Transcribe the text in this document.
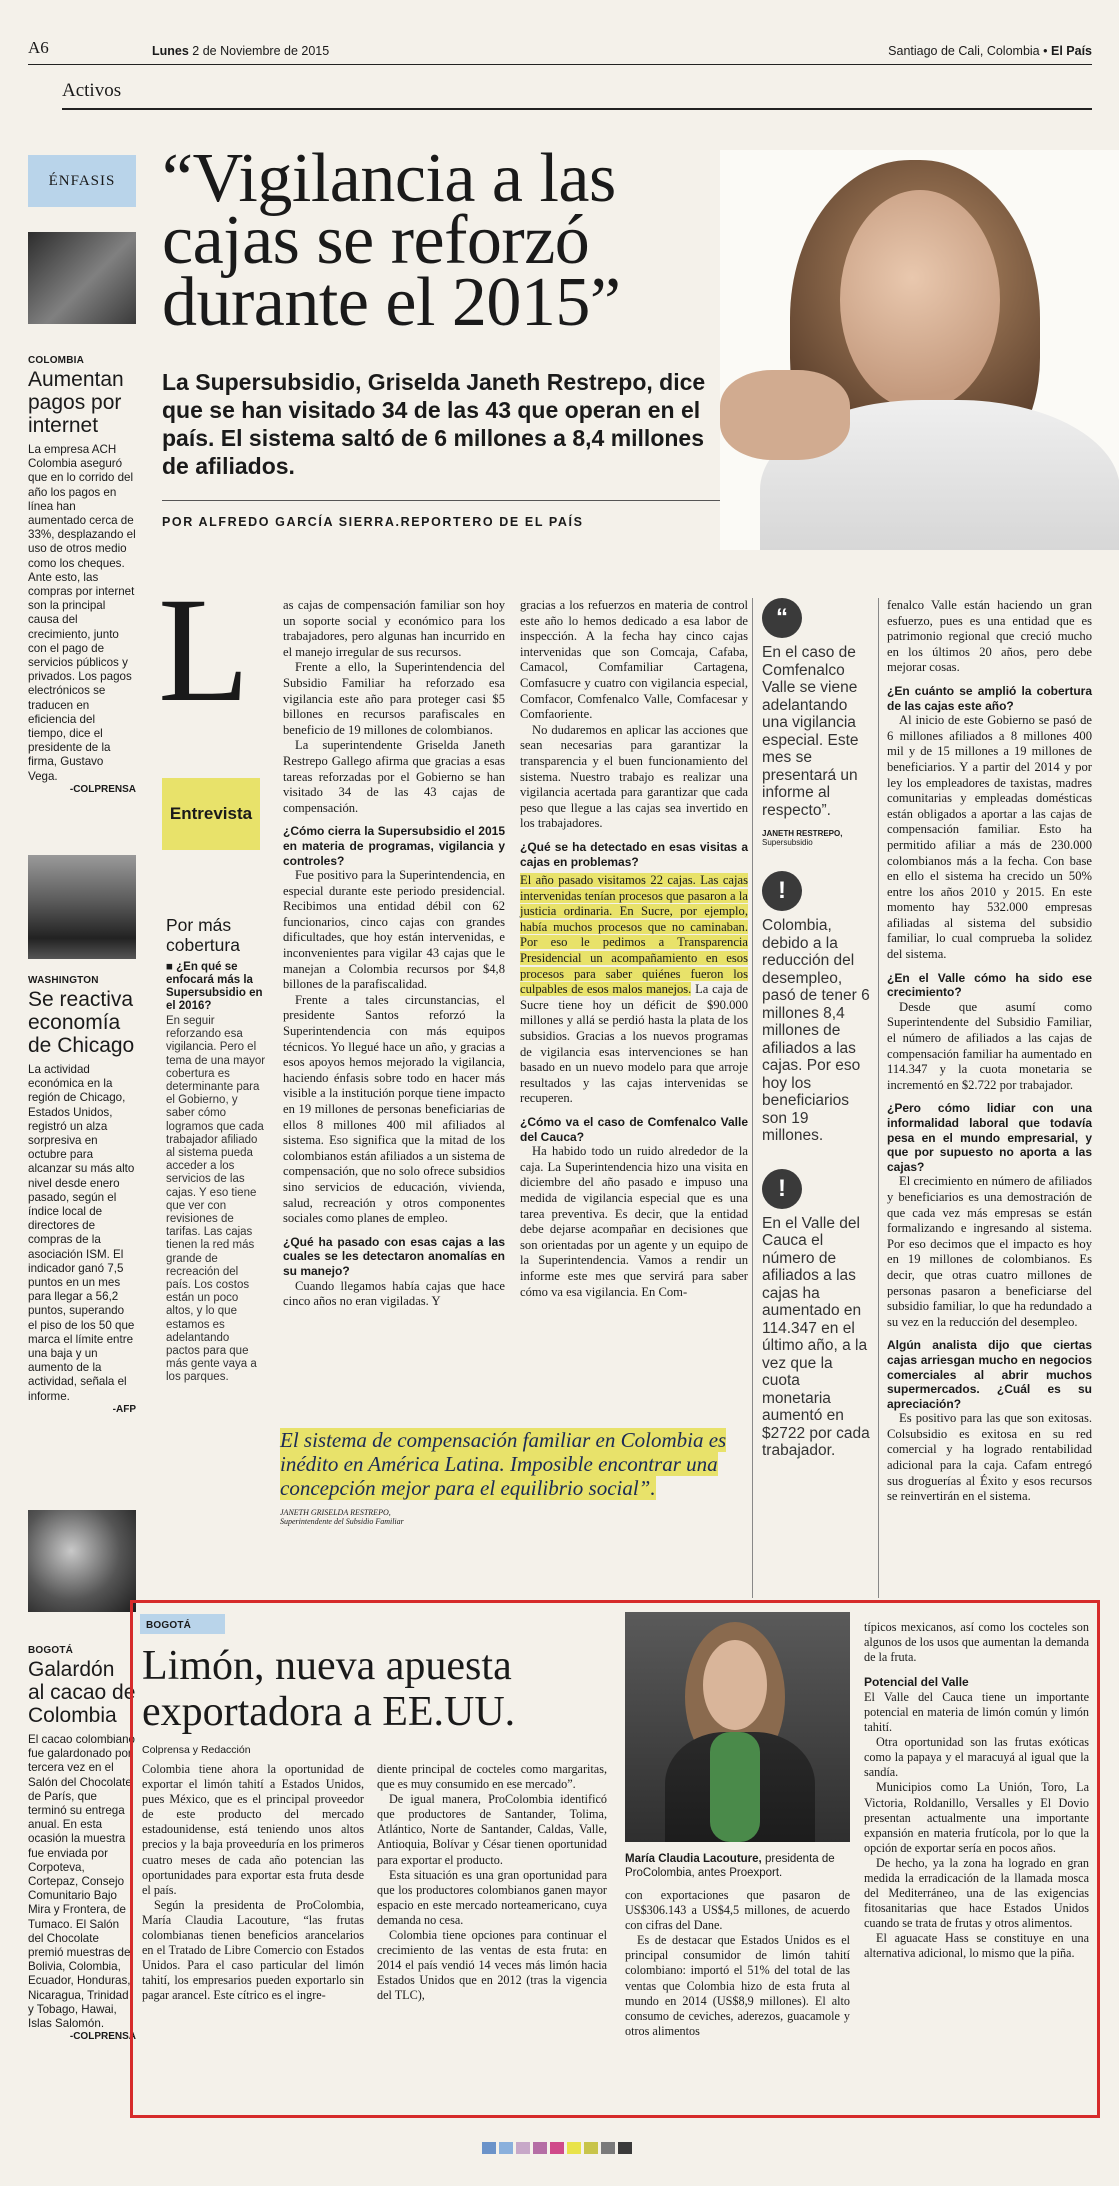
A6	Lunes 2 de Noviembre de 2015	Santiago de Cali, Colombia • El País
Activos
ÉNFASIS
COLOMBIA
Aumentan pagos por internet
La empresa ACH Colombia aseguró que en lo corrido del año los pagos en línea han aumentado cerca de 33%, desplazando el uso de otros medio como los cheques. Ante esto, las compras por internet son la principal causa del crecimiento, junto con el pago de servicios públicos y privados. Los pagos electrónicos se traducen en eficiencia del tiempo, dice el presidente de la firma, Gustavo Vega.
-COLPRENSA
WASHINGTON
Se reactiva economía de Chicago
La actividad económica en la región de Chicago, Estados Unidos, registró un alza sorpresiva en octubre para alcanzar su más alto nivel desde enero pasado, según el índice local de directores de compras de la asociación ISM. El indicador ganó 7,5 puntos en un mes para llegar a 56,2 puntos, superando el piso de los 50 que marca el límite entre una baja y un aumento de la actividad, señala el informe.
-AFP
BOGOTÁ
Galardón al cacao de Colombia
El cacao colombiano fue galardonado por tercera vez en el Salón del Chocolate de París, que terminó su entrega anual. En esta ocasión la muestra fue enviada por Corpoteva, Cortepaz, Consejo Comunitario Bajo Mira y Frontera, de Tumaco. El Salón del Chocolate premió muestras de Bolivia, Colombia, Ecuador, Honduras, Nicaragua, Trinidad y Tobago, Hawai, Islas Salomón.
-COLPRENSA
“Vigilancia a las cajas se reforzó durante el 2015”
La Supersubsidio, Griselda Janeth Restrepo, dice que se han visitado 34 de las 43 que operan en el país. El sistema saltó de 6 millones a 8,4 millones de afiliados.
POR ALFREDO GARCÍA SIERRA.REPORTERO DE EL PAÍS
L
Entrevista
Por más cobertura
■ ¿En qué se enfocará más la Supersubsidio en el 2016?
En seguir reforzando esa vigilancia. Pero el tema de una mayor cobertura es determinante para el Gobierno, y saber cómo logramos que cada trabajador afiliado al sistema pueda acceder a los servicios de las cajas. Y eso tiene que ver con revisiones de tarifas. Las cajas tienen la red más grande de recreación del país. Los costos están un poco altos, y lo que estamos es adelantando pactos para que más gente vaya a los parques.

as cajas de compensación familiar son hoy un soporte social y económico para los trabajadores, pero algunas han incurrido en el manejo irregular de sus recursos.

Frente a ello, la Superintendencia del Subsidio Familiar ha reforzado esa vigilancia este año para proteger casi $5 billones en recursos parafiscales en beneficio de 19 millones de colombianos.

La superintendente Griselda Janeth Restrepo Gallego afirma que gracias a esas tareas reforzadas por el Gobierno se han visitado 34 de las 43 cajas de compensación.

¿Cómo cierra la Supersubsidio el 2015 en materia de programas, vigilancia y controles?

Fue positivo para la Superintendencia, en especial durante este periodo presidencial. Recibimos una entidad débil con 62 funcionarios, cinco cajas con grandes dificultades, que hoy están intervenidas, e inconvenientes para vigilar 43 cajas que le manejan a Colombia recursos por $4,8 billones de la parafiscalidad.

Frente a tales circunstancias, el presidente Santos reforzó la Superintendencia con más equipos técnicos. Yo llegué hace un año, y gracias a esos apoyos hemos mejorado la vigilancia, haciendo énfasis sobre todo en hacer más visible a la institución porque tiene impacto en 19 millones de personas beneficiarias de ellos 8 millones 400 mil afiliados al sistema. Eso significa que la mitad de los colombianos están afiliados a un sistema de compensación, que no solo ofrece subsidios sino servicios de educación, vivienda, salud, recreación y otros componentes sociales como planes de empleo.

¿Qué ha pasado con esas cajas a las cuales se les detectaron anomalías en su manejo?

Cuando llegamos había cajas que hace cinco años no eran vigiladas. Y

gracias a los refuerzos en materia de control este año lo hemos dedicado a esa labor de inspección. A la fecha hay cinco cajas intervenidas que son Comcaja, Cafaba, Camacol, Comfamiliar Cartagena, Comfasucre y cuatro con vigilancia especial, Comfacor, Comfenalco Valle, Comfacesar y Comfaoriente.

No dudaremos en aplicar las acciones que sean necesarias para garantizar la transparencia y el buen funcionamiento del sistema. Nuestro trabajo es realizar una vigilancia acertada para garantizar que cada peso que llegue a las cajas sea invertido en los trabajadores.

¿Qué se ha detectado en esas visitas a cajas en problemas?

El año pasado visitamos 22 cajas. Las cajas intervenidas tenían procesos que pasaron a la justicia ordinaria. En Sucre, por ejemplo, había muchos procesos que no caminaban. Por eso le pedimos a Transparencia Presidencial un acompañamiento en esos procesos para saber quiénes fueron los culpables de esos malos manejos. La caja de Sucre tiene hoy un déficit de $90.000 millones y allá se perdió hasta la plata de los subsidios. Gracias a los nuevos programas de vigilancia esas intervenciones se han basado en un nuevo modelo para que arroje resultados y las cajas intervenidas se recuperen.

¿Cómo va el caso de Comfenalco Valle del Cauca?

Ha habido todo un ruido alrededor de la caja. La Superintendencia hizo una visita en diciembre del año pasado e impuso una medida de vigilancia especial que es una tarea preventiva. Es decir, que la entidad debe dejarse acompañar en decisiones que son orientadas por un agente y un equipo de la Superintendencia. Vamos a rendir un informe este mes que servirá para saber cómo va esa vigilancia. En Com-

El sistema de compensación familiar en Colombia es inédito en América Latina. Imposible encontrar una concepción mejor para el equilibrio social”.
JANETH GRISELDA RESTREPO,
Superintendente del Subsidio Familiar
“
En el caso de Comfenalco Valle se viene adelantando una vigilancia especial. Este mes se presentará un informe al respecto”.
JANETH RESTREPO,
Supersubsidio
!
Colombia, debido a la reducción del desempleo, pasó de tener 6 millones 8,4 millones de afiliados a las cajas. Por eso hoy los beneficiarios son 19 millones.
!
En el Valle del Cauca el número de afiliados a las cajas ha aumentado en 114.347 en el último año, a la vez que la cuota monetaria aumentó en $2722 por cada trabajador.

fenalco Valle están haciendo un gran esfuerzo, pues es una entidad que es patrimonio regional que creció mucho en los últimos 20 años, pero debe mejorar cosas.

¿En cuánto se amplió la cobertura de las cajas este año?

Al inicio de este Gobierno se pasó de 6 millones afiliados a 8 millones 400 mil y de 15 millones a 19 millones de beneficiarios. Y a partir del 2014 y por ley los empleadores de taxistas, madres comunitarias y empleadas domésticas están obligados a aportar a las cajas de compensación familiar. Esto ha permitido afiliar a más de 230.000 colombianos más a la fecha. Con base en ello el sistema ha crecido un 50% entre los años 2010 y 2015. En este momento hay 532.000 empresas afiliadas al sistema del subsidio familiar, lo cual comprueba la solidez del sistema.

¿En el Valle cómo ha sido ese crecimiento?

Desde que asumí como Superintendente del Subsidio Familiar, el número de afiliados a las cajas de compensación familiar ha aumentado en 114.347 y la cuota monetaria se incrementó en $2.722 por trabajador.

¿Pero cómo lidiar con una informalidad laboral que todavía pesa en el mundo empresarial, y que por supuesto no aporta a las cajas?

El crecimiento en número de afiliados y beneficiarios es una demostración de que cada vez más empresas se están formalizando e ingresando al sistema. Por eso decimos que el impacto es hoy en 19 millones de colombianos. Es decir, que otras cuatro millones de personas pasaron a beneficiarse del subsidio familiar, lo que ha redundado a su vez en la reducción del desempleo.

Algún analista dijo que ciertas cajas arriesgan mucho en negocios comerciales al abrir muchos supermercados. ¿Cuál es su apreciación?

Es positivo para las que son exitosas. Colsubsidio es exitosa en su red comercial y ha logrado rentabilidad adicional para la caja. Cafam entregó sus droguerías al Éxito y esos recursos se reinvertirán en el sistema.

BOGOTÁ
Limón, nueva apuesta exportadora a EE.UU.
Colprensa y Redacción

Colombia tiene ahora la oportunidad de exportar el limón tahití a Estados Unidos, pues México, que es el principal proveedor de este producto del mercado estadounidense, está teniendo unos altos precios y la baja proveeduría en los primeros cuatro meses de cada año potencian las oportunidades para exportar esta fruta desde el país.

Según la presidenta de ProColombia, María Claudia Lacouture, “las frutas colombianas tienen beneficios arancelarios en el Tratado de Libre Comercio con Estados Unidos. Para el caso particular del limón tahití, los empresarios pueden exportarlo sin pagar arancel. Este cítrico es el ingre-

diente principal de cocteles como margaritas, que es muy consumido en ese mercado”.

De igual manera, ProColombia identificó que productores de Santander, Tolima, Atlántico, Norte de Santander, Caldas, Valle, Antioquia, Bolívar y César tienen oportunidad para exportar el producto.

Esta situación es una gran oportunidad para que los productores colombianos ganen mayor espacio en este mercado norteamericano, cuya demanda no cesa.

Colombia tiene opciones para continuar el crecimiento de las ventas de esta fruta: en 2014 el país vendió 14 veces más limón hacia Estados Unidos que en 2012 (tras la vigencia del TLC),

María Claudia Lacouture, presidenta de ProColombia, antes Proexport.

con exportaciones que pasaron de US$306.143 a US$4,5 millones, de acuerdo con cifras del Dane.

Es de destacar que Estados Unidos es el principal consumidor de limón tahití colombiano: importó el 51% del total de las ventas que Colombia hizo de esta fruta al mundo en 2014 (US$8,9 millones). El alto consumo de ceviches, aderezos, guacamole y otros alimentos

típicos mexicanos, así como los cocteles son algunos de los usos que aumentan la demanda de la fruta.

Potencial del Valle

El Valle del Cauca tiene un importante potencial en materia de limón común y limón tahití.

Otra oportunidad son las frutas exóticas como la papaya y el maracuyá al igual que la sandía.

Municipios como La Unión, Toro, La Victoria, Roldanillo, Versalles y El Dovio presentan actualmente una importante expansión en materia frutícola, por lo que la opción de exportar sería en pocos años.

De hecho, ya la zona ha logrado en gran medida la erradicación de la llamada mosca del Mediterráneo, una de las exigencias fitosanitarias que hace Estados Unidos cuando se trata de frutas y otros alimentos.

El aguacate Hass se constituye en una alternativa adicional, lo mismo que la piña.
